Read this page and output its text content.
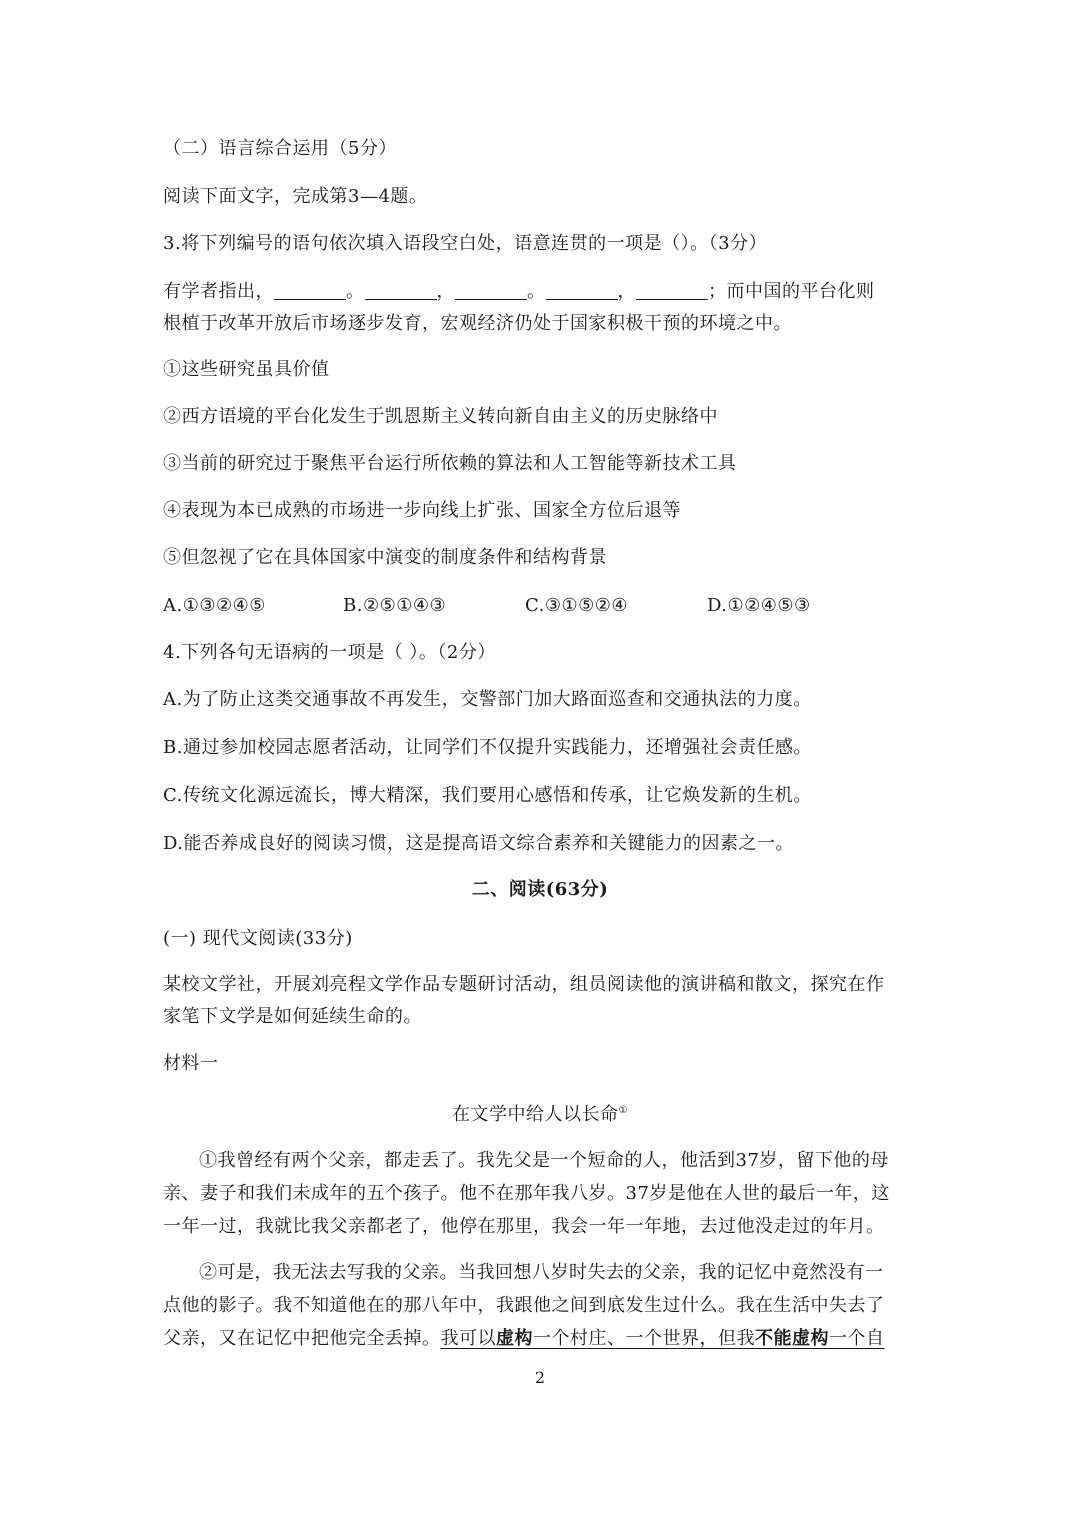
（二）语言综合运用（5分）
阅读下面文字，完成第3—4题。
3.将下列编号的语句依次填入语段空白处，语意连贯的一项是（）。（3分）
有学者指出，	。	，	。	，	；而中国的平台化则
根植于改革开放后市场逐步发育，宏观经济仍处于国家积极干预的环境之中。
①这些研究虽具价值
②西方语境的平台化发生于凯恩斯主义转向新自由主义的历史脉络中
③当前的研究过于聚焦平台运行所依赖的算法和人工智能等新技术工具
④表现为本已成熟的市场进一步向线上扩张、国家全方位后退等
⑤但忽视了它在具体国家中演变的制度条件和结构背景
A.①③②④⑤	B.②⑤①④③	C.③①⑤②④	D.①②④⑤③
4.下列各句无语病的一项是（ ）。（2分）
A.为了防止这类交通事故不再发生，交警部门加大路面巡查和交通执法的力度。
B.通过参加校园志愿者活动，让同学们不仅提升实践能力，还增强社会责任感。
C.传统文化源远流长，博大精深，我们要用心感悟和传承，让它焕发新的生机。
D.能否养成良好的阅读习惯，这是提高语文综合素养和关键能力的因素之一。
二、阅读(63分)
(一) 现代文阅读(33分)
某校文学社，开展刘亮程文学作品专题研讨活动，组员阅读他的演讲稿和散文，探究在作
家笔下文学是如何延续生命的。
材料一
在文学中给人以长命①
①我曾经有两个父亲，都走丢了。我先父是一个短命的人，他活到37岁，留下他的母
亲、妻子和我们未成年的五个孩子。他不在那年我八岁。37岁是他在人世的最后一年，这
一年一过，我就比我父亲都老了，他停在那里，我会一年一年地，去过他没走过的年月。
②可是，我无法去写我的父亲。当我回想八岁时失去的父亲，我的记忆中竟然没有一
点他的影子。我不知道他在的那八年中，我跟他之间到底发生过什么。我在生活中失去了
父亲，又在记忆中把他完全丢掉。我可以虚构一个村庄、一个世界，但我不能虚构一个自
2
